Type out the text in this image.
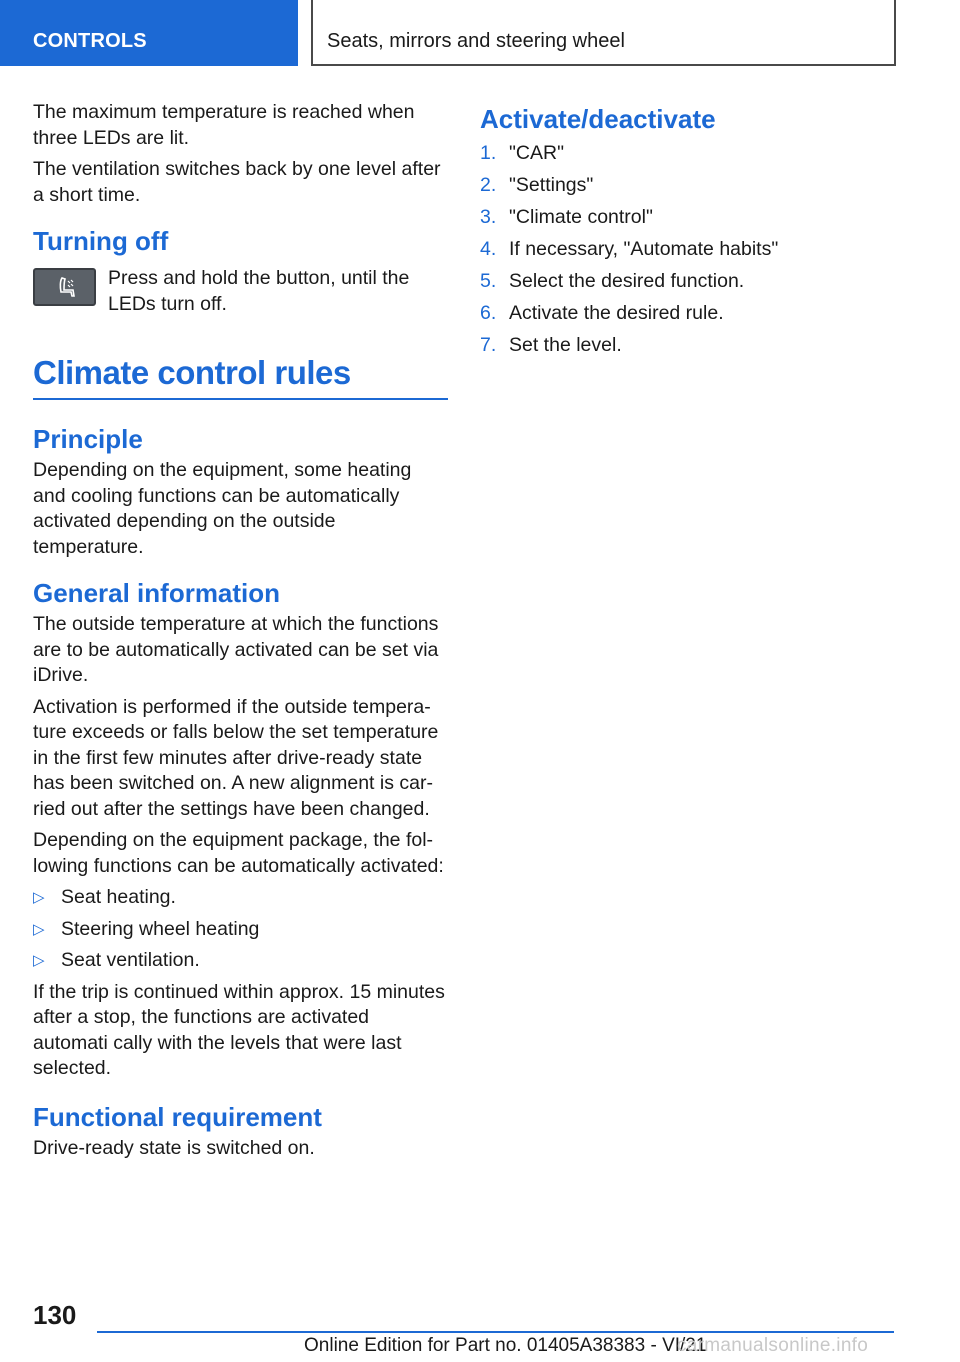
CONTROLS	Seats, mirrors and steering wheel

The maximum temperature is reached when three LEDs are lit.

The ventilation switches back by one level after a short time.

Turning off

Press and hold the button, until the LEDs turn off.

Climate control rules
Principle

Depending on the equipment, some heating and cooling functions can be automatically activated depending on the outside temperature.

General information

The outside temperature at which the functions are to be automatically activated can be set via iDrive.

Activation is performed if the outside tempera ture exceeds or falls below the set temperature in the first few minutes after drive-ready state has been switched on. A new alignment is car ried out after the settings have been changed.

Depending on the equipment package, the fol lowing functions can be automatically activated:

▷ Seat heating.
▷ Steering wheel heating
▷ Seat ventilation.

If the trip is continued within approx. 15 minutes after a stop, the functions are activated automati cally with the levels that were last selected.

Functional requirement

Drive-ready state is switched on.

Activate/deactivate
1. "CAR"
2. "Settings"
3. "Climate control"
4. If necessary, "Automate habits"
5. Select the desired function.
6. Activate the desired rule.
7. Set the level.
130
Online Edition for Part no. 01405A38383 - VI/21
carmanualsonline.info
